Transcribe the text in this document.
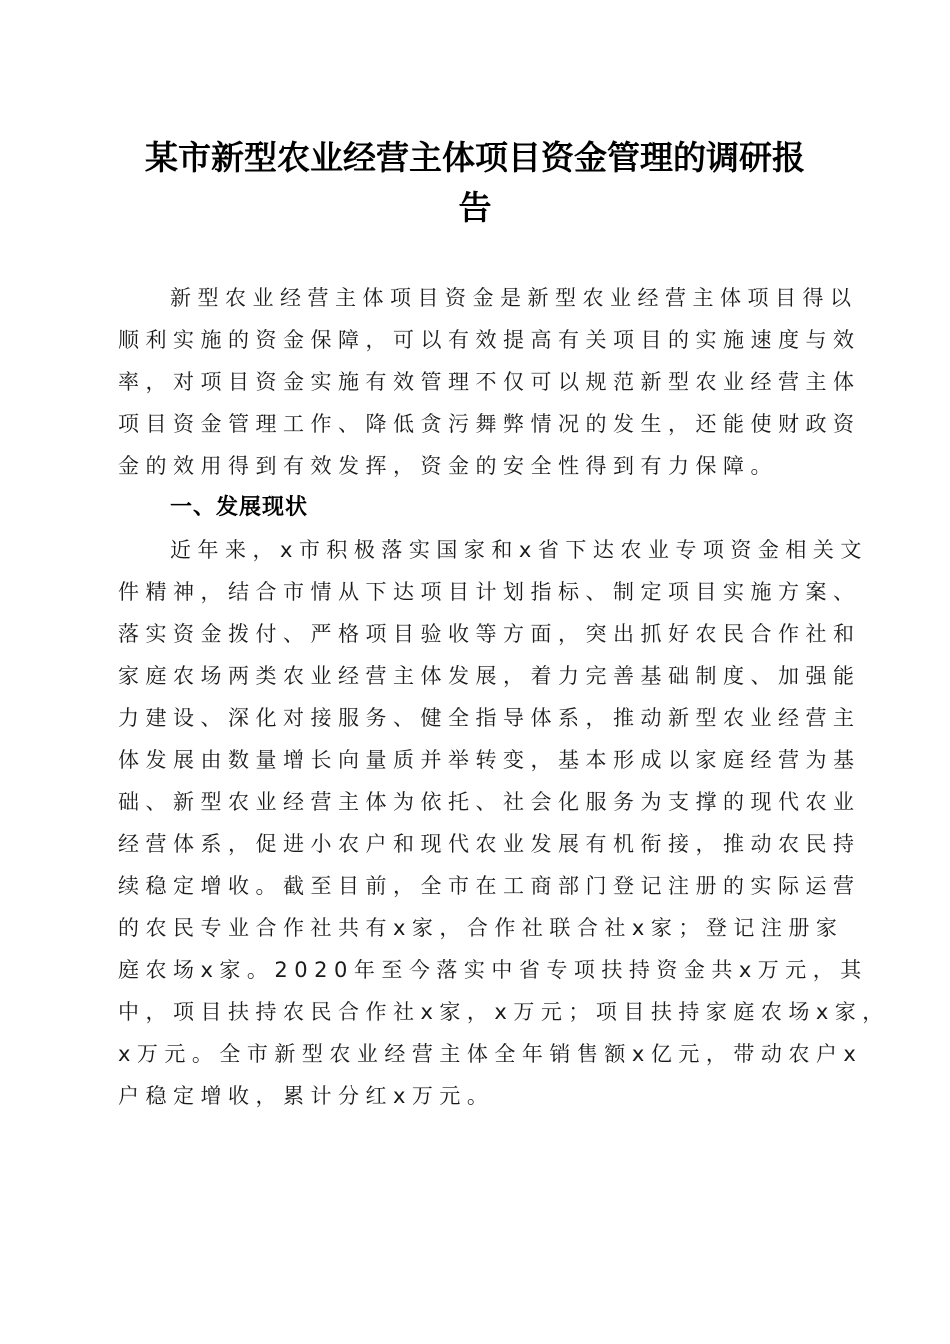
某市新型农业经营主体项目资金管理的调研报
告
新型农业经营主体项目资金是新型农业经营主体项目得以
顺利实施的资金保障，可以有效提高有关项目的实施速度与效
率，对项目资金实施有效管理不仅可以规范新型农业经营主体
项目资金管理工作、降低贪污舞弊情况的发生，还能使财政资
金的效用得到有效发挥，资金的安全性得到有力保障。
一、发展现状
近年来，x市积极落实国家和x省下达农业专项资金相关文
件精神，结合市情从下达项目计划指标、制定项目实施方案、
落实资金拨付、严格项目验收等方面，突出抓好农民合作社和
家庭农场两类农业经营主体发展，着力完善基础制度、加强能
力建设、深化对接服务、健全指导体系，推动新型农业经营主
体发展由数量增长向量质并举转变，基本形成以家庭经营为基
础、新型农业经营主体为依托、社会化服务为支撑的现代农业
经营体系，促进小农户和现代农业发展有机衔接，推动农民持
续稳定增收。截至目前，全市在工商部门登记注册的实际运营
的农民专业合作社共有x家，合作社联合社x家；登记注册家
庭农场x家。2020年至今落实中省专项扶持资金共x万元，其
中，项目扶持农民合作社x家，x万元；项目扶持家庭农场x家，
x万元。全市新型农业经营主体全年销售额x亿元，带动农户x
户稳定增收，累计分红x万元。
